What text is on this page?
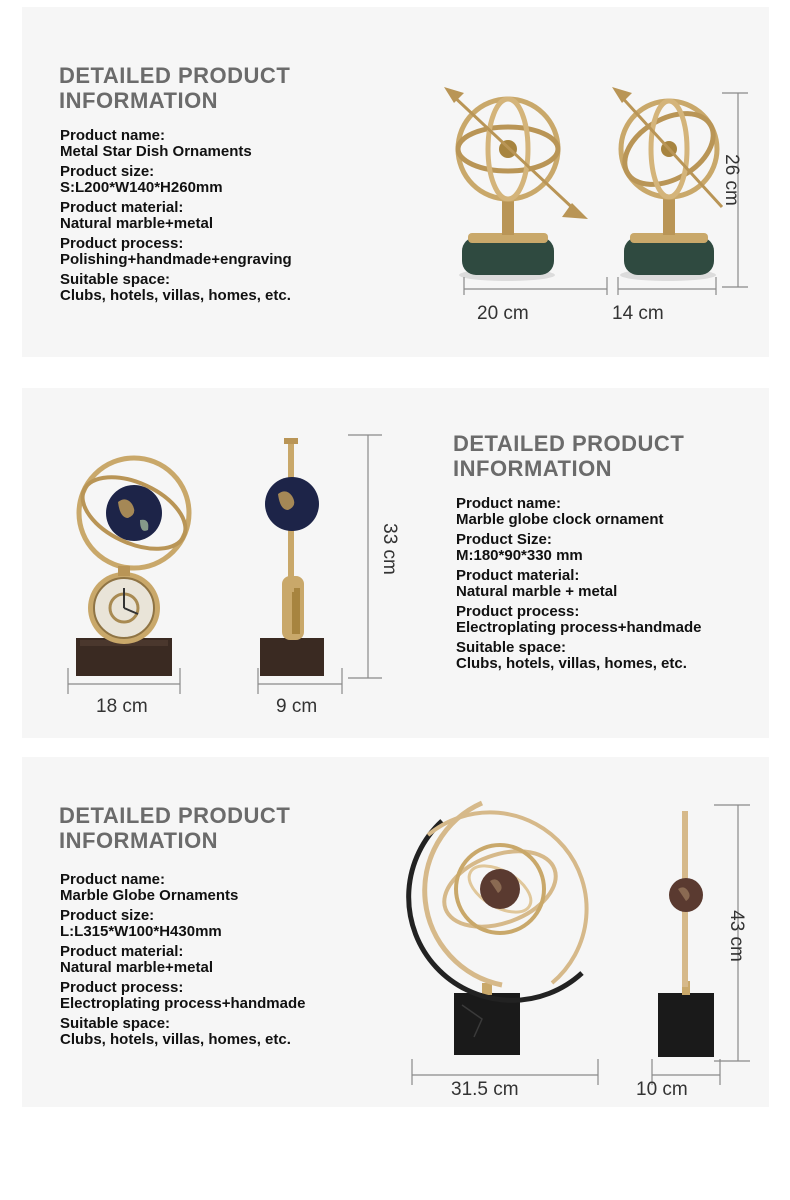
DETAILED PRODUCT INFORMATION
Product name:
Metal Star Dish Ornaments
Product size:
S:L200*W140*H260mm
Product material:
Natural marble+metal
Product process:
Polishing+handmade+engraving
Suitable space:
Clubs, hotels, villas, homes, etc.
20 cm	14 cm
26 cm
DETAILED PRODUCT INFORMATION
Product name:
Marble globe clock ornament
Product Size:
M:180*90*330 mm
Product material:
Natural marble + metal
Product process:
Electroplating process+handmade
Suitable space:
Clubs, hotels, villas, homes, etc.
18 cm	9 cm
33 cm
DETAILED PRODUCT INFORMATION
Product name:
Marble Globe Ornaments
Product size:
L:L315*W100*H430mm
Product material:
Natural marble+metal
Product process:
Electroplating process+handmade
Suitable space:
Clubs, hotels, villas, homes, etc.
31.5 cm	10 cm
43 cm
